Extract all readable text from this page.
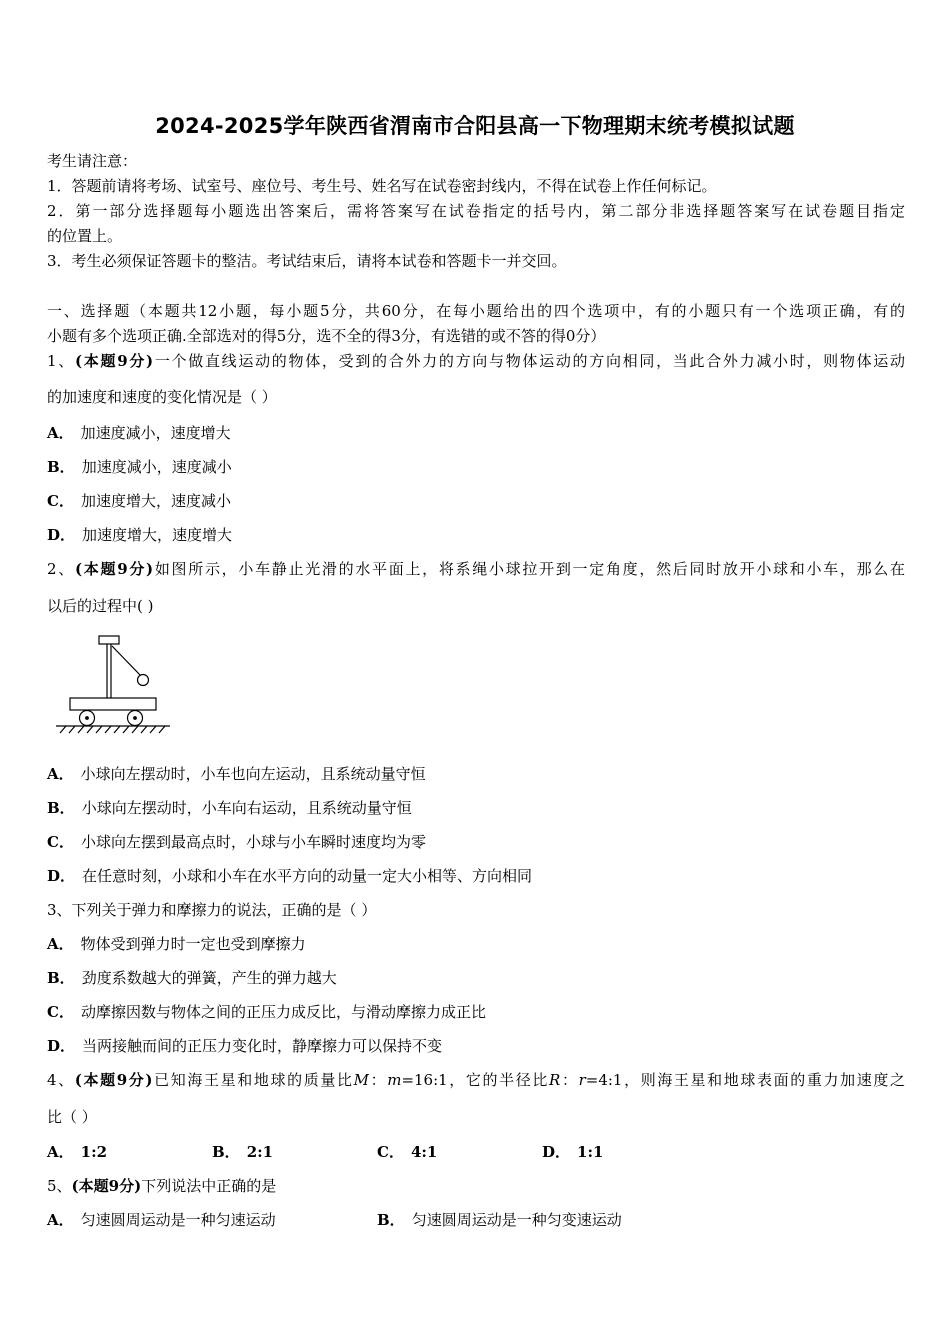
2024-2025学年陕西省渭南市合阳县高一下物理期末统考模拟试题
考生请注意：
1．答题前请将考场、试室号、座位号、考生号、姓名写在试卷密封线内，不得在试卷上作任何标记。
2．第一部分选择题每小题选出答案后，需将答案写在试卷指定的括号内，第二部分非选择题答案写在试卷题目指定
的位置上。
3．考生必须保证答题卡的整洁。考试结束后，请将本试卷和答题卡一并交回。
一、选择题（本题共12小题，每小题5分，共60分，在每小题给出的四个选项中，有的小题只有一个选项正确，有的
小题有多个选项正确.全部选对的得5分，选不全的得3分，有选错的或不答的得0分）
1、(本题9分)一个做直线运动的物体，受到的合外力的方向与物体运动的方向相同，当此合外力减小时，则物体运动
的加速度和速度的变化情况是（ ）
A． 加速度减小，速度增大
B． 加速度减小，速度减小
C． 加速度增大，速度减小
D． 加速度增大，速度增大
2、(本题9分)如图所示，小车静止光滑的水平面上，将系绳小球拉开到一定角度，然后同时放开小球和小车，那么在
以后的过程中( )
A． 小球向左摆动时，小车也向左运动，且系统动量守恒
B． 小球向左摆动时，小车向右运动，且系统动量守恒
C． 小球向左摆到最高点时，小球与小车瞬时速度均为零
D． 在任意时刻，小球和小车在水平方向的动量一定大小相等、方向相同
3、下列关于弹力和摩擦力的说法，正确的是（ ）
A． 物体受到弹力时一定也受到摩擦力
B． 劲度系数越大的弹簧，产生的弹力越大
C． 动摩擦因数与物体之间的正压力成反比，与滑动摩擦力成正比
D． 当两接触而间的正压力变化时，静摩擦力可以保持不变
4、(本题9分)已知海王星和地球的质量比M：m=16:1，它的半径比R：r=4:1，则海王星和地球表面的重力加速度之
比（ ）
A． 1:2	B． 2:1	C． 4:1	D． 1:1
5、(本题9分)下列说法中正确的是
A． 匀速圆周运动是一种匀速运动	B． 匀速圆周运动是一种匀变速运动
